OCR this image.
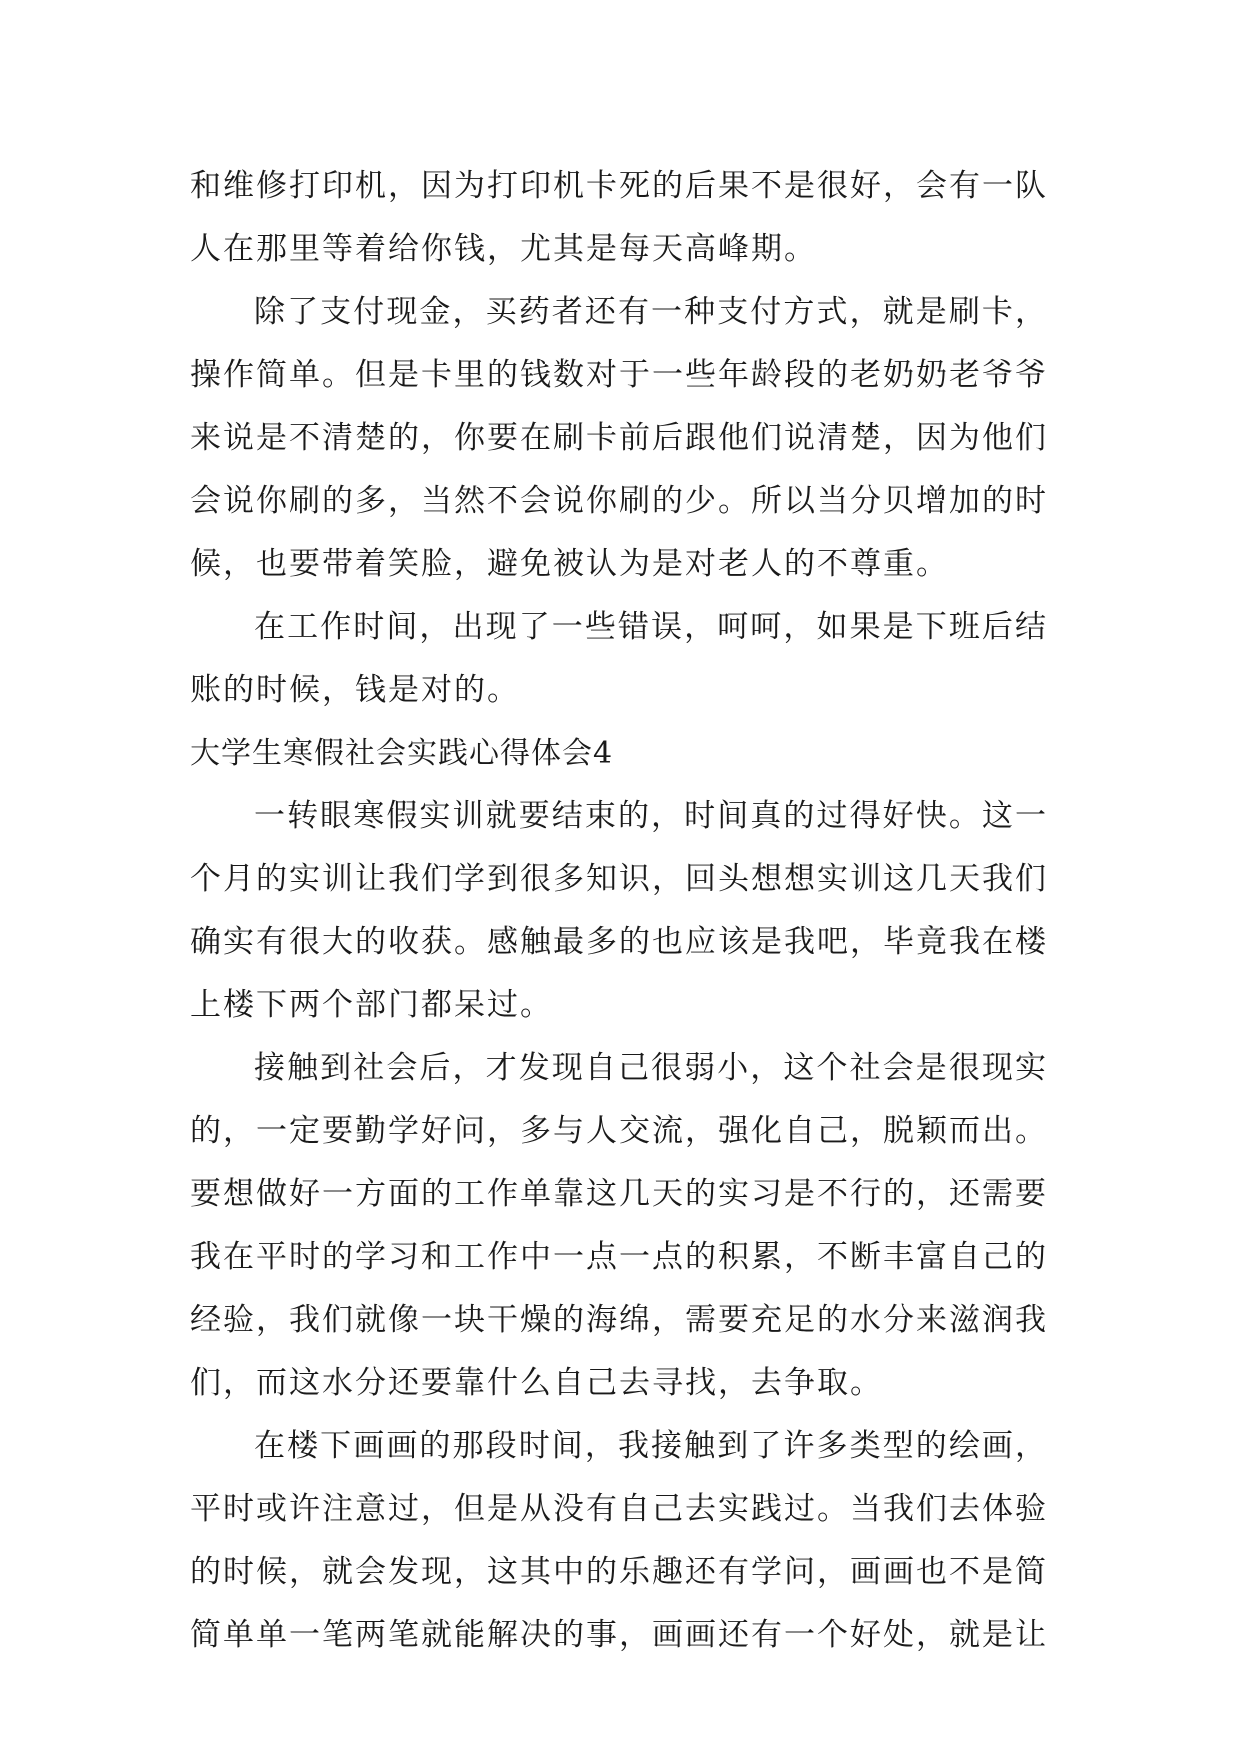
和维修打印机，因为打印机卡死的后果不是很好，会有一队人在那里等着给你钱，尤其是每天高峰期。

除了支付现金，买药者还有一种支付方式，就是刷卡，操作简单。但是卡里的钱数对于一些年龄段的老奶奶老爷爷来说是不清楚的，你要在刷卡前后跟他们说清楚，因为他们会说你刷的多，当然不会说你刷的少。所以当分贝增加的时候，也要带着笑脸，避免被认为是对老人的不尊重。

在工作时间，出现了一些错误，呵呵，如果是下班后结账的时候，钱是对的。

大学生寒假社会实践心得体会4

一转眼寒假实训就要结束的，时间真的过得好快。这一个月的实训让我们学到很多知识，回头想想实训这几天我们确实有很大的收获。感触最多的也应该是我吧，毕竟我在楼上楼下两个部门都呆过。

接触到社会后，才发现自己很弱小，这个社会是很现实的，一定要勤学好问，多与人交流，强化自己，脱颖而出。要想做好一方面的工作单靠这几天的实习是不行的，还需要我在平时的学习和工作中一点一点的积累，不断丰富自己的经验，我们就像一块干燥的海绵，需要充足的水分来滋润我们，而这水分还要靠什么自己去寻找，去争取。

在楼下画画的那段时间，我接触到了许多类型的绘画，平时或许注意过，但是从没有自己去实践过。当我们去体验的时候，就会发现，这其中的乐趣还有学问，画画也不是简简单单一笔两笔就能解决的事，画画还有一个好处，就是让
